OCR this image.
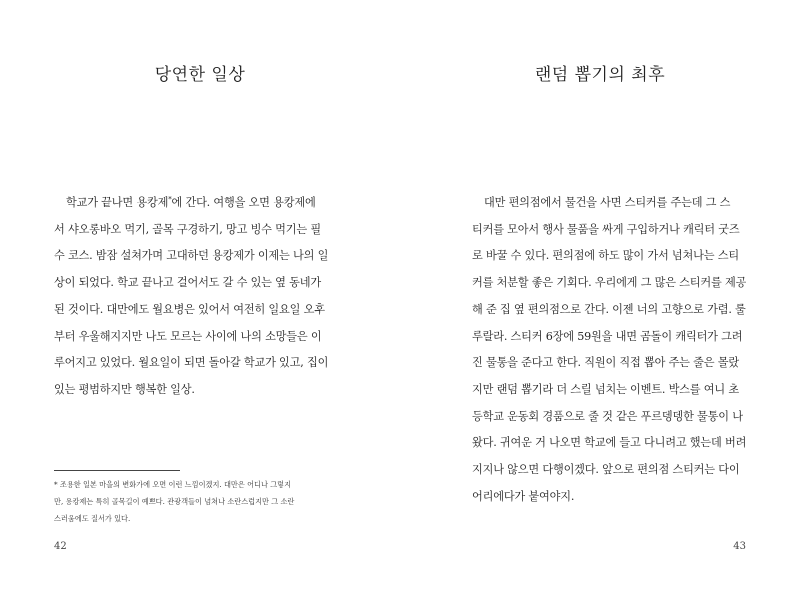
당연한 일상
학교가 끝나면 용캉제*에 간다. 여행을 오면 용캉제에
서 샤오롱바오 먹기, 골목 구경하기, 망고 빙수 먹기는 필
수 코스. 밤잠 설쳐가며 고대하던 용캉제가 이제는 나의 일
상이 되었다. 학교 끝나고 걸어서도 갈 수 있는 옆 동네가
된 것이다. 대만에도 월요병은 있어서 여전히 일요일 오후
부터 우울해지지만 나도 모르는 사이에 나의 소망들은 이
루어지고 있었다. 월요일이 되면 돌아갈 학교가 있고, 집이
있는 평범하지만 행복한 일상.
* 조용한 일본 마을의 변화가에 오면 이런 느낌이겠지. 대만은 어디나 그렇지
만, 용캉제는 특히 골목길이 예쁘다. 관광객들이 넘쳐나 소란스럽지만 그 소란
스러움에도 질서가 있다.
42
랜덤 뽑기의 최후
대만 편의점에서 물건을 사면 스티커를 주는데 그 스
티커를 모아서 행사 물품을 싸게 구입하거나 캐릭터 굿즈
로 바꿀 수 있다. 편의점에 하도 많이 가서 넘쳐나는 스티
커를 처분할 좋은 기회다. 우리에게 그 많은 스티커를 제공
해 준 집 옆 편의점으로 간다. 이젠 너의 고향으로 가렴. 룰
루랄라. 스티커 6장에 59원을 내면 곰돌이 캐릭터가 그려
진 물통을 준다고 한다. 직원이 직접 뽑아 주는 줄은 몰랐
지만 랜덤 뽑기라 더 스릴 넘치는 이벤트. 박스를 여니 초
등학교 운동회 경품으로 줄 것 같은 푸르뎅뎅한 물통이 나
왔다. 귀여운 거 나오면 학교에 들고 다니려고 했는데 버려
지지나 않으면 다행이겠다. 앞으로 편의점 스티커는 다이
어리에다가 붙여야지.
43
